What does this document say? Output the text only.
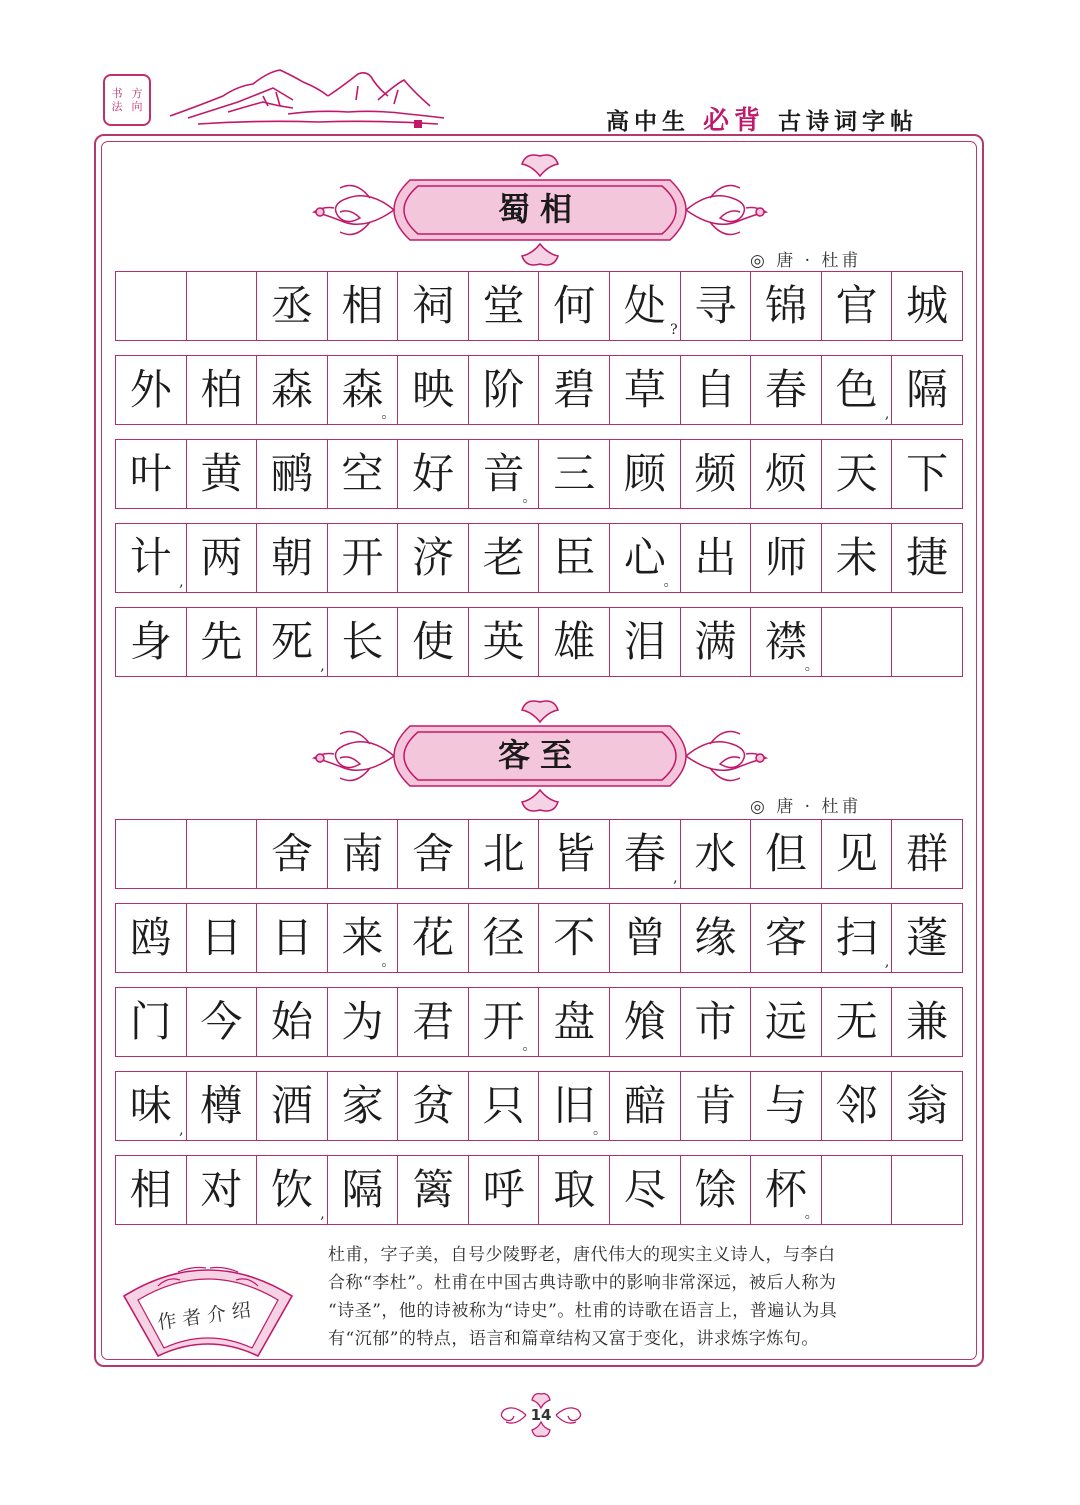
书 方
法 向
高中生 必背 古诗词字帖
蜀相
◎ 唐 · 杜甫
丞 相 祠 堂 何 处 ? 寻 锦 官 城
外 柏 森 森
。 映 阶 碧 草 自 春 色 , 隔
叶 黄 鹂 空 好 音
。 三 顾 频 烦 天 下
计 , 两 朝 开 济 老 臣 心
。 出 师 未 捷
身 先 死 , 长 使 英 雄 泪 满 襟
。
客至
◎ 唐 · 杜甫
舍 南 舍 北 皆 春 , 水 但 见 群
鸥 日 日 来
。 花 径 不 曾 缘 客 扫 , 蓬
门 今 始 为 君 开
。 盘 飧 市 远 无 兼
味 , 樽 酒 家 贫 只 旧
。 醅 肯 与 邻 翁
相 对 饮 , 隔 篱 呼 取 尽 馀 杯
。
作者介绍

杜甫，字子美，自号少陵野老，唐代伟大的现实主义诗人，与李白

合称“李杜”。杜甫在中国古典诗歌中的影响非常深远，被后人称为

“诗圣”，他的诗被称为“诗史”。杜甫的诗歌在语言上，普遍认为具

有“沉郁”的特点，语言和篇章结构又富于变化，讲求炼字炼句。

14
